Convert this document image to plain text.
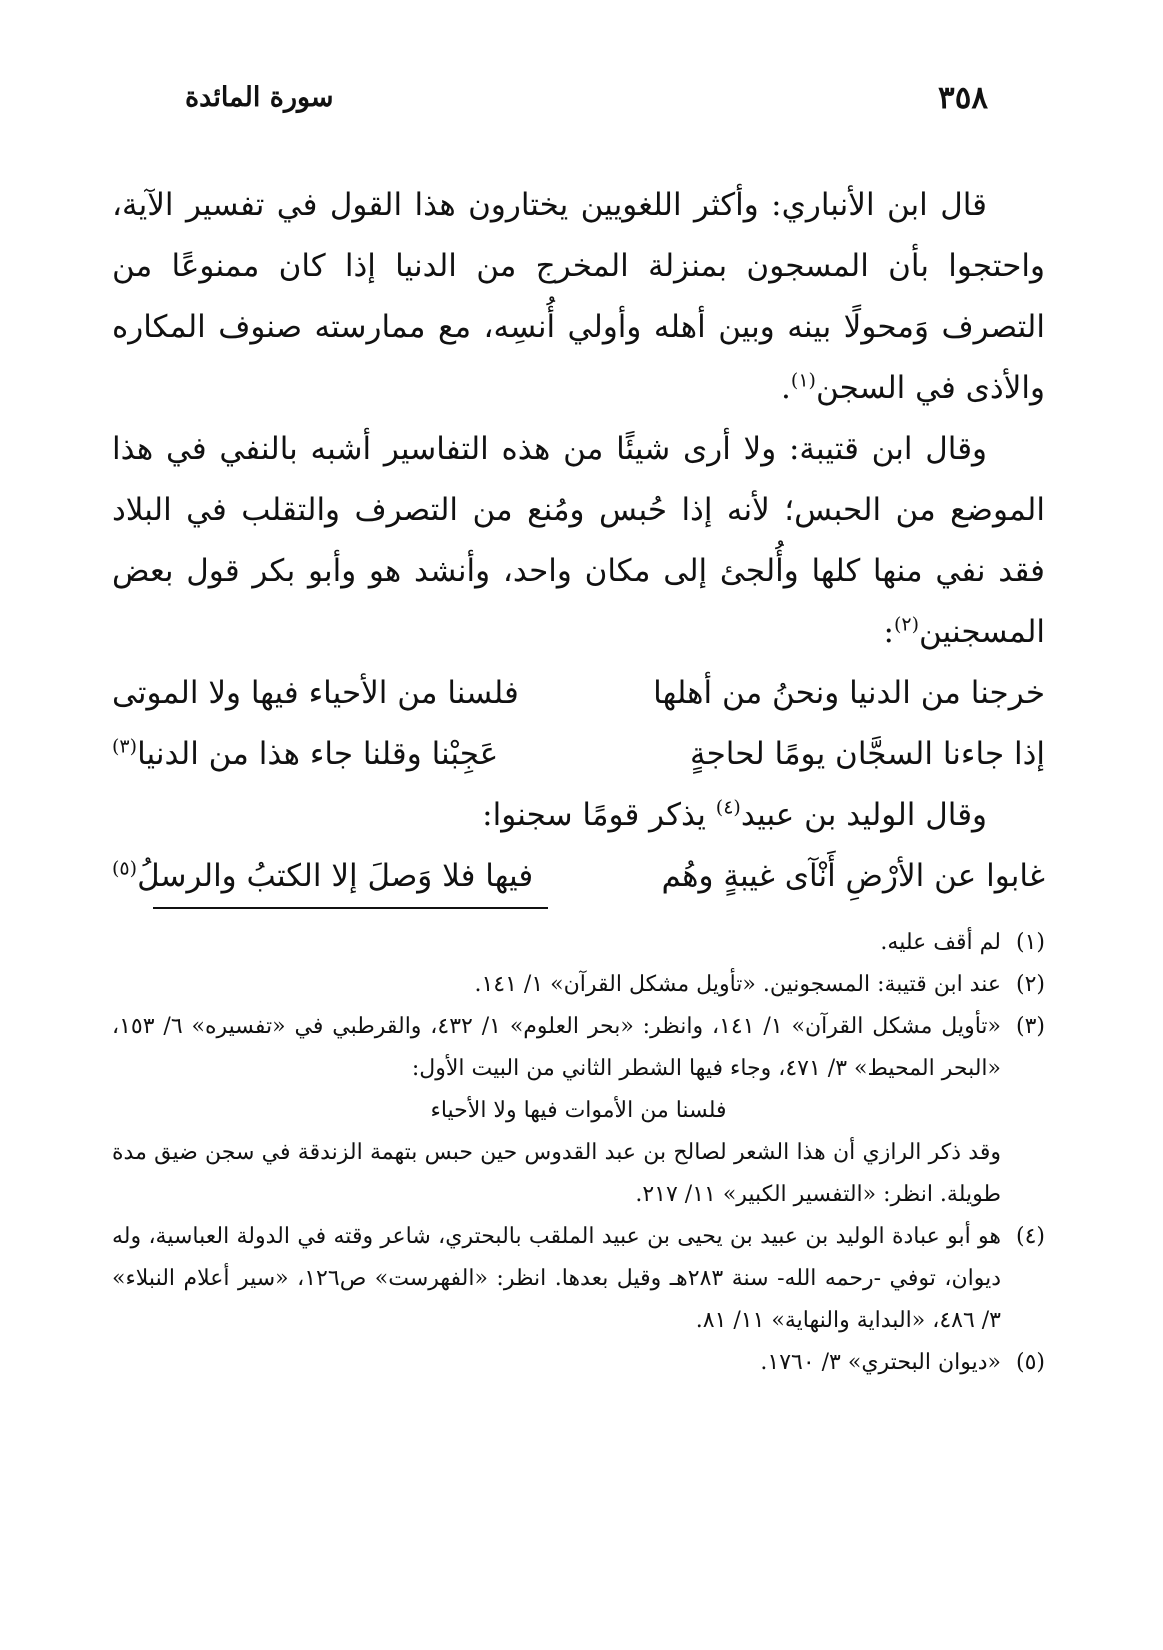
٣٥٨
سورة المائدة

قال ابن الأنباري: وأكثر اللغويين يختارون هذا القول في تفسير الآية، واحتجوا بأن المسجون بمنزلة المخرج من الدنيا إذا كان ممنوعًا من التصرف وَمحولًا بينه وبين أهله وأولي أُنسِه، مع ممارسته صنوف المكاره والأذى في السجن$^{(١)}$.

وقال ابن قتيبة: ولا أرى شيئًا من هذه التفاسير أشبه بالنفي في هذا الموضع من الحبس؛ لأنه إذا حُبس ومُنع من التصرف والتقلب في البلاد فقد نفي منها كلها وأُلجئ إلى مكان واحد، وأنشد هو وأبو بكر قول بعض المسجنين$^{(٢)}$:

خرجنا من الدنيا ونحنُ من أهلها
فلسنا من الأحياء فيها ولا الموتى
إذا جاءنا السجَّان يومًا لحاجةٍ
عَجِبْنا وقلنا جاء هذا من الدنيا$^{(٣)}$

وقال الوليد بن عبيد$^{(٤)}$ يذكر قومًا سجنوا:

غابوا عن الأرْضِ أَنْآى غيبةٍ وهُم
فيها فلا وَصلَ إلا الكتبُ والرسلُ$^{(٥)}$
(١)
لم أقف عليه.
(٢)
عند ابن قتيبة: المسجونين. «تأويل مشكل القرآن» ١/ ١٤١.
(٣)
«تأويل مشكل القرآن» ١/ ١٤١، وانظر: «بحر العلوم» ١/ ٤٣٢، والقرطبي في «تفسيره» ٦/ ١٥٣، «البحر المحيط» ٣/ ٤٧١، وجاء فيها الشطر الثاني من البيت الأول:
فلسنا من الأموات فيها ولا الأحياء
وقد ذكر الرازي أن هذا الشعر لصالح بن عبد القدوس حين حبس بتهمة الزندقة في سجن ضيق مدة طويلة. انظر: «التفسير الكبير» ١١/ ٢١٧.
(٤)
هو أبو عبادة الوليد بن عبيد بن يحيى بن عبيد الملقب بالبحتري، شاعر وقته في الدولة العباسية، وله ديوان، توفي -رحمه الله- سنة ٢٨٣هـ وقيل بعدها. انظر: «الفهرست» ص١٢٦، «سير أعلام النبلاء» ٣/ ٤٨٦، «البداية والنهاية» ١١/ ٨١.
(٥)
«ديوان البحتري» ٣/ ١٧٦٠.
